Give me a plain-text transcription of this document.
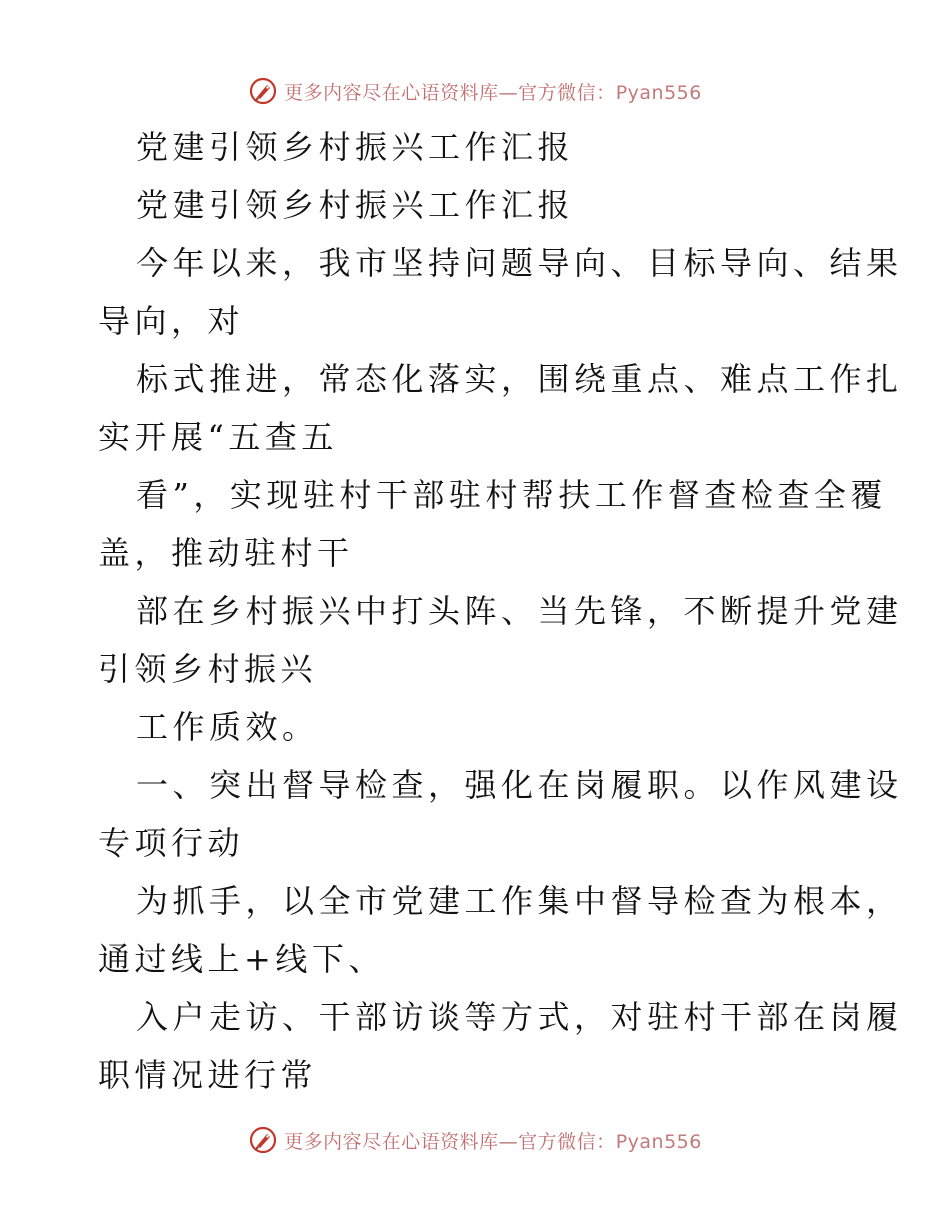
更多内容尽在心语资料库—官方微信：Pyan556
党建引领乡村振兴工作汇报
党建引领乡村振兴工作汇报
今年以来，我市坚持问题导向、目标导向、结果
导向，对
标式推进，常态化落实，围绕重点、难点工作扎
实开展“五查五
看”，实现驻村干部驻村帮扶工作督查检查全覆
盖，推动驻村干
部在乡村振兴中打头阵、当先锋，不断提升党建
引领乡村振兴
工作质效。
一、突出督导检查，强化在岗履职。以作风建设
专项行动
为抓手，以全市党建工作集中督导检查为根本，
通过线上+线下、
入户走访、干部访谈等方式，对驻村干部在岗履
职情况进行常
更多内容尽在心语资料库—官方微信：Pyan556
